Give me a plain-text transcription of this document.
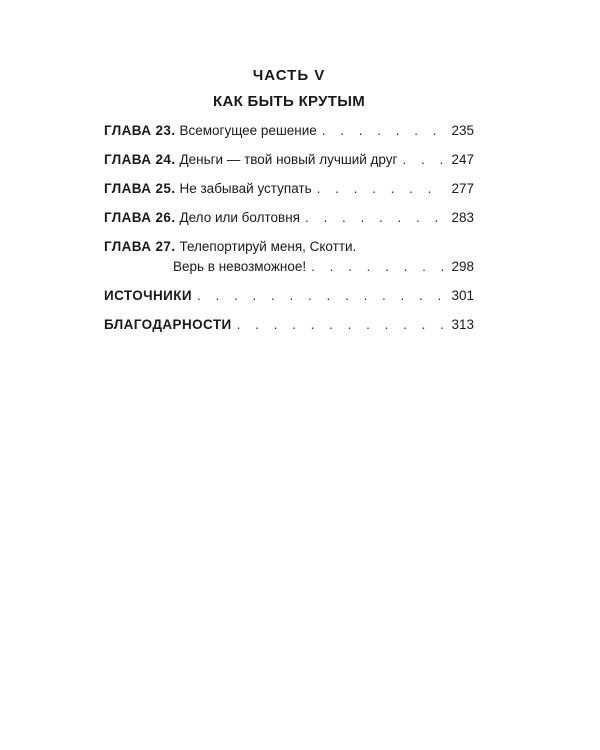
ЧАСТЬ V
КАК БЫТЬ КРУТЫМ
ГЛАВА 23. Всемогущее решение . . .	235
ГЛАВА 24. Деньги — твой новый лучший друг . . .	247
ГЛАВА 25. Не забывай уступать . . .	277
ГЛАВА 26. Дело или болтовня . . .	283
ГЛАВА 27. Телепортируй меня, Скотти.
Верь в невозможное! . . .	298
ИСТОЧНИКИ . . .	301
БЛАГОДАРНОСТИ . . .	313
